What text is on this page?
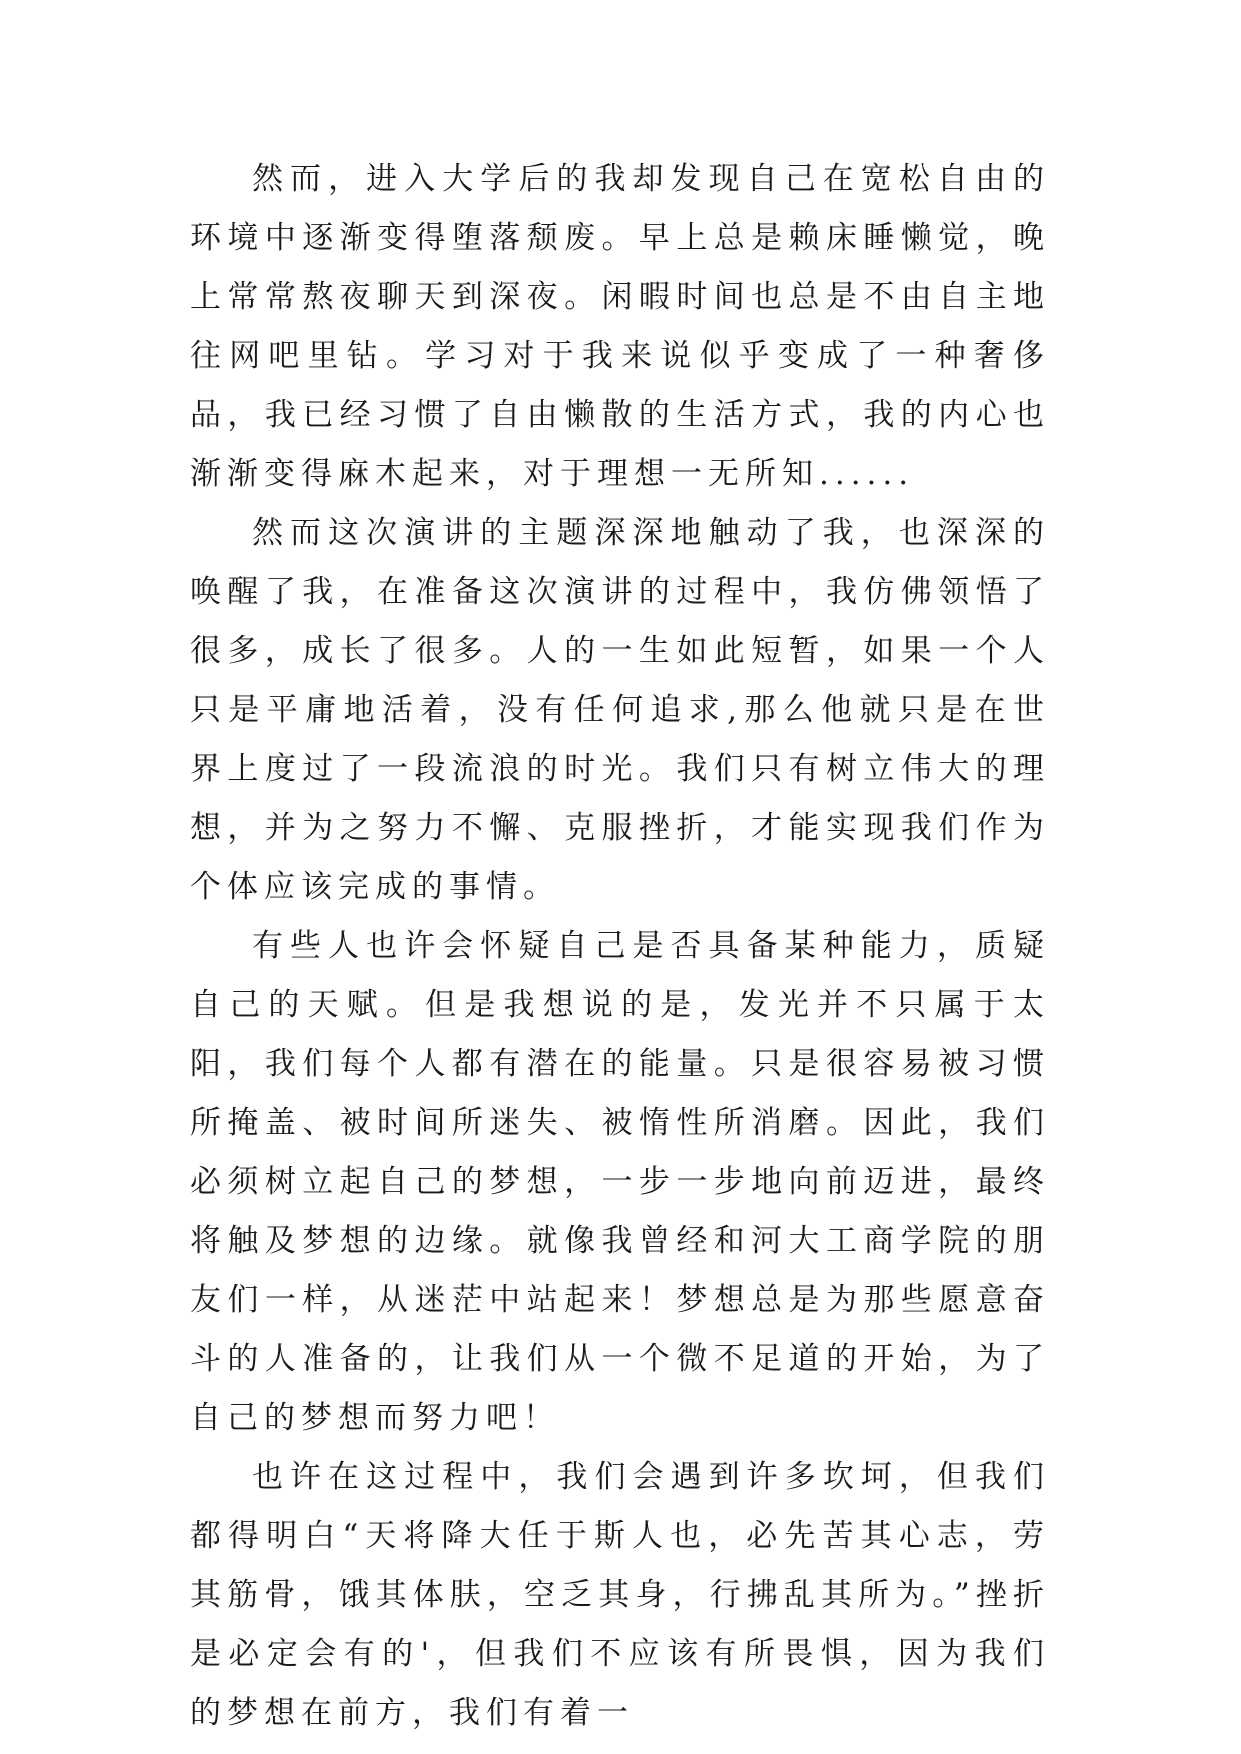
然而，进入大学后的我却发现自己在宽松自由的环境中逐渐变得堕落颓废。早上总是赖床睡懒觉，晚上常常熬夜聊天到深夜。闲暇时间也总是不由自主地往网吧里钻。学习对于我来说似乎变成了一种奢侈品，我已经习惯了自由懒散的生活方式，我的内心也渐渐变得麻木起来，对于理想一无所知......

然而这次演讲的主题深深地触动了我，也深深的唤醒了我，在准备这次演讲的过程中，我仿佛领悟了很多，成长了很多。人的一生如此短暂，如果一个人只是平庸地活着，没有任何追求,那么他就只是在世界上度过了一段流浪的时光。我们只有树立伟大的理想，并为之努力不懈、克服挫折，才能实现我们作为个体应该完成的事情。

有些人也许会怀疑自己是否具备某种能力，质疑自己的天赋。但是我想说的是，发光并不只属于太阳，我们每个人都有潜在的能量。只是很容易被习惯所掩盖、被时间所迷失、被惰性所消磨。因此，我们必须树立起自己的梦想，一步一步地向前迈进，最终将触及梦想的边缘。就像我曾经和河大工商学院的朋友们一样，从迷茫中站起来！梦想总是为那些愿意奋斗的人准备的，让我们从一个微不足道的开始，为了自己的梦想而努力吧！

也许在这过程中，我们会遇到许多坎坷，但我们都得明白“天将降大任于斯人也，必先苦其心志，劳其筋骨，饿其体肤，空乏其身，行拂乱其所为。”挫折是必定会有的'，但我们不应该有所畏惧，因为我们的梦想在前方，我们有着一
